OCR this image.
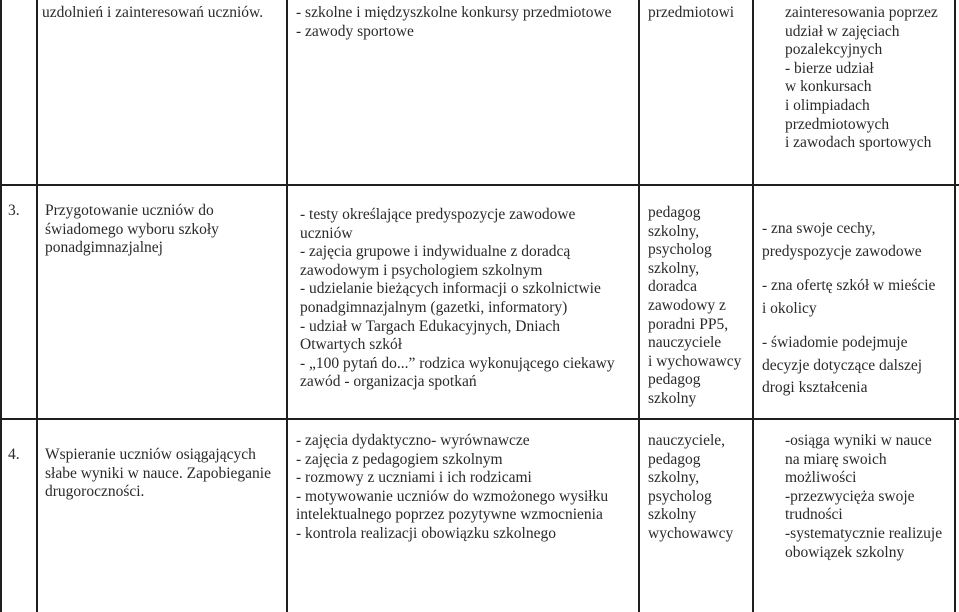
uzdolnień i zainteresowań uczniów. - szkolne i międzyszkolne konkursy przedmiotowe
- zawody sportowe
przedmiotowi	zainteresowania poprzez
udział w zajęciach
pozalekcyjnych
- bierze udział
w konkursach
i olimpiadach
przedmiotowych
i zawodach sportowych
3. Przygotowanie uczniów do
świadomego wyboru szkoły
ponadgimnazjalnej
- testy określające predyspozycje zawodowe
uczniów
- zajęcia grupowe i indywidualne z doradcą
zawodowym i psychologiem szkolnym
- udzielanie bieżących informacji o szkolnictwie
ponadgimnazjalnym (gazetki, informatory)
- udział w Targach Edukacyjnych, Dniach
Otwartych szkół
- „100 pytań do...” rodzica wykonującego ciekawy
zawód - organizacja spotkań
pedagog
szkolny,
psycholog
szkolny,
doradca
zawodowy z
poradni PP5,
nauczyciele
i wychowawcy
pedagog
szkolny
- zna swoje cechy,
predyspozycje zawodowe
- zna ofertę szkół w mieście
i okolicy
- świadomie podejmuje
decyzje dotyczące dalszej
drogi kształcenia
4. Wspieranie uczniów osiągających
słabe wyniki w nauce. Zapobieganie
drugoroczności.
- zajęcia dydaktyczno- wyrównawcze
- zajęcia z pedagogiem szkolnym
- rozmowy z uczniami i ich rodzicami
- motywowanie uczniów do wzmożonego wysiłku
intelektualnego poprzez pozytywne wzmocnienia
- kontrola realizacji obowiązku szkolnego
nauczyciele,
pedagog
szkolny,
psycholog
szkolny
wychowawcy
-osiąga wyniki w nauce
na miarę swoich
możliwości
-przezwycięża swoje
trudności
-systematycznie realizuje
obowiązek szkolny
